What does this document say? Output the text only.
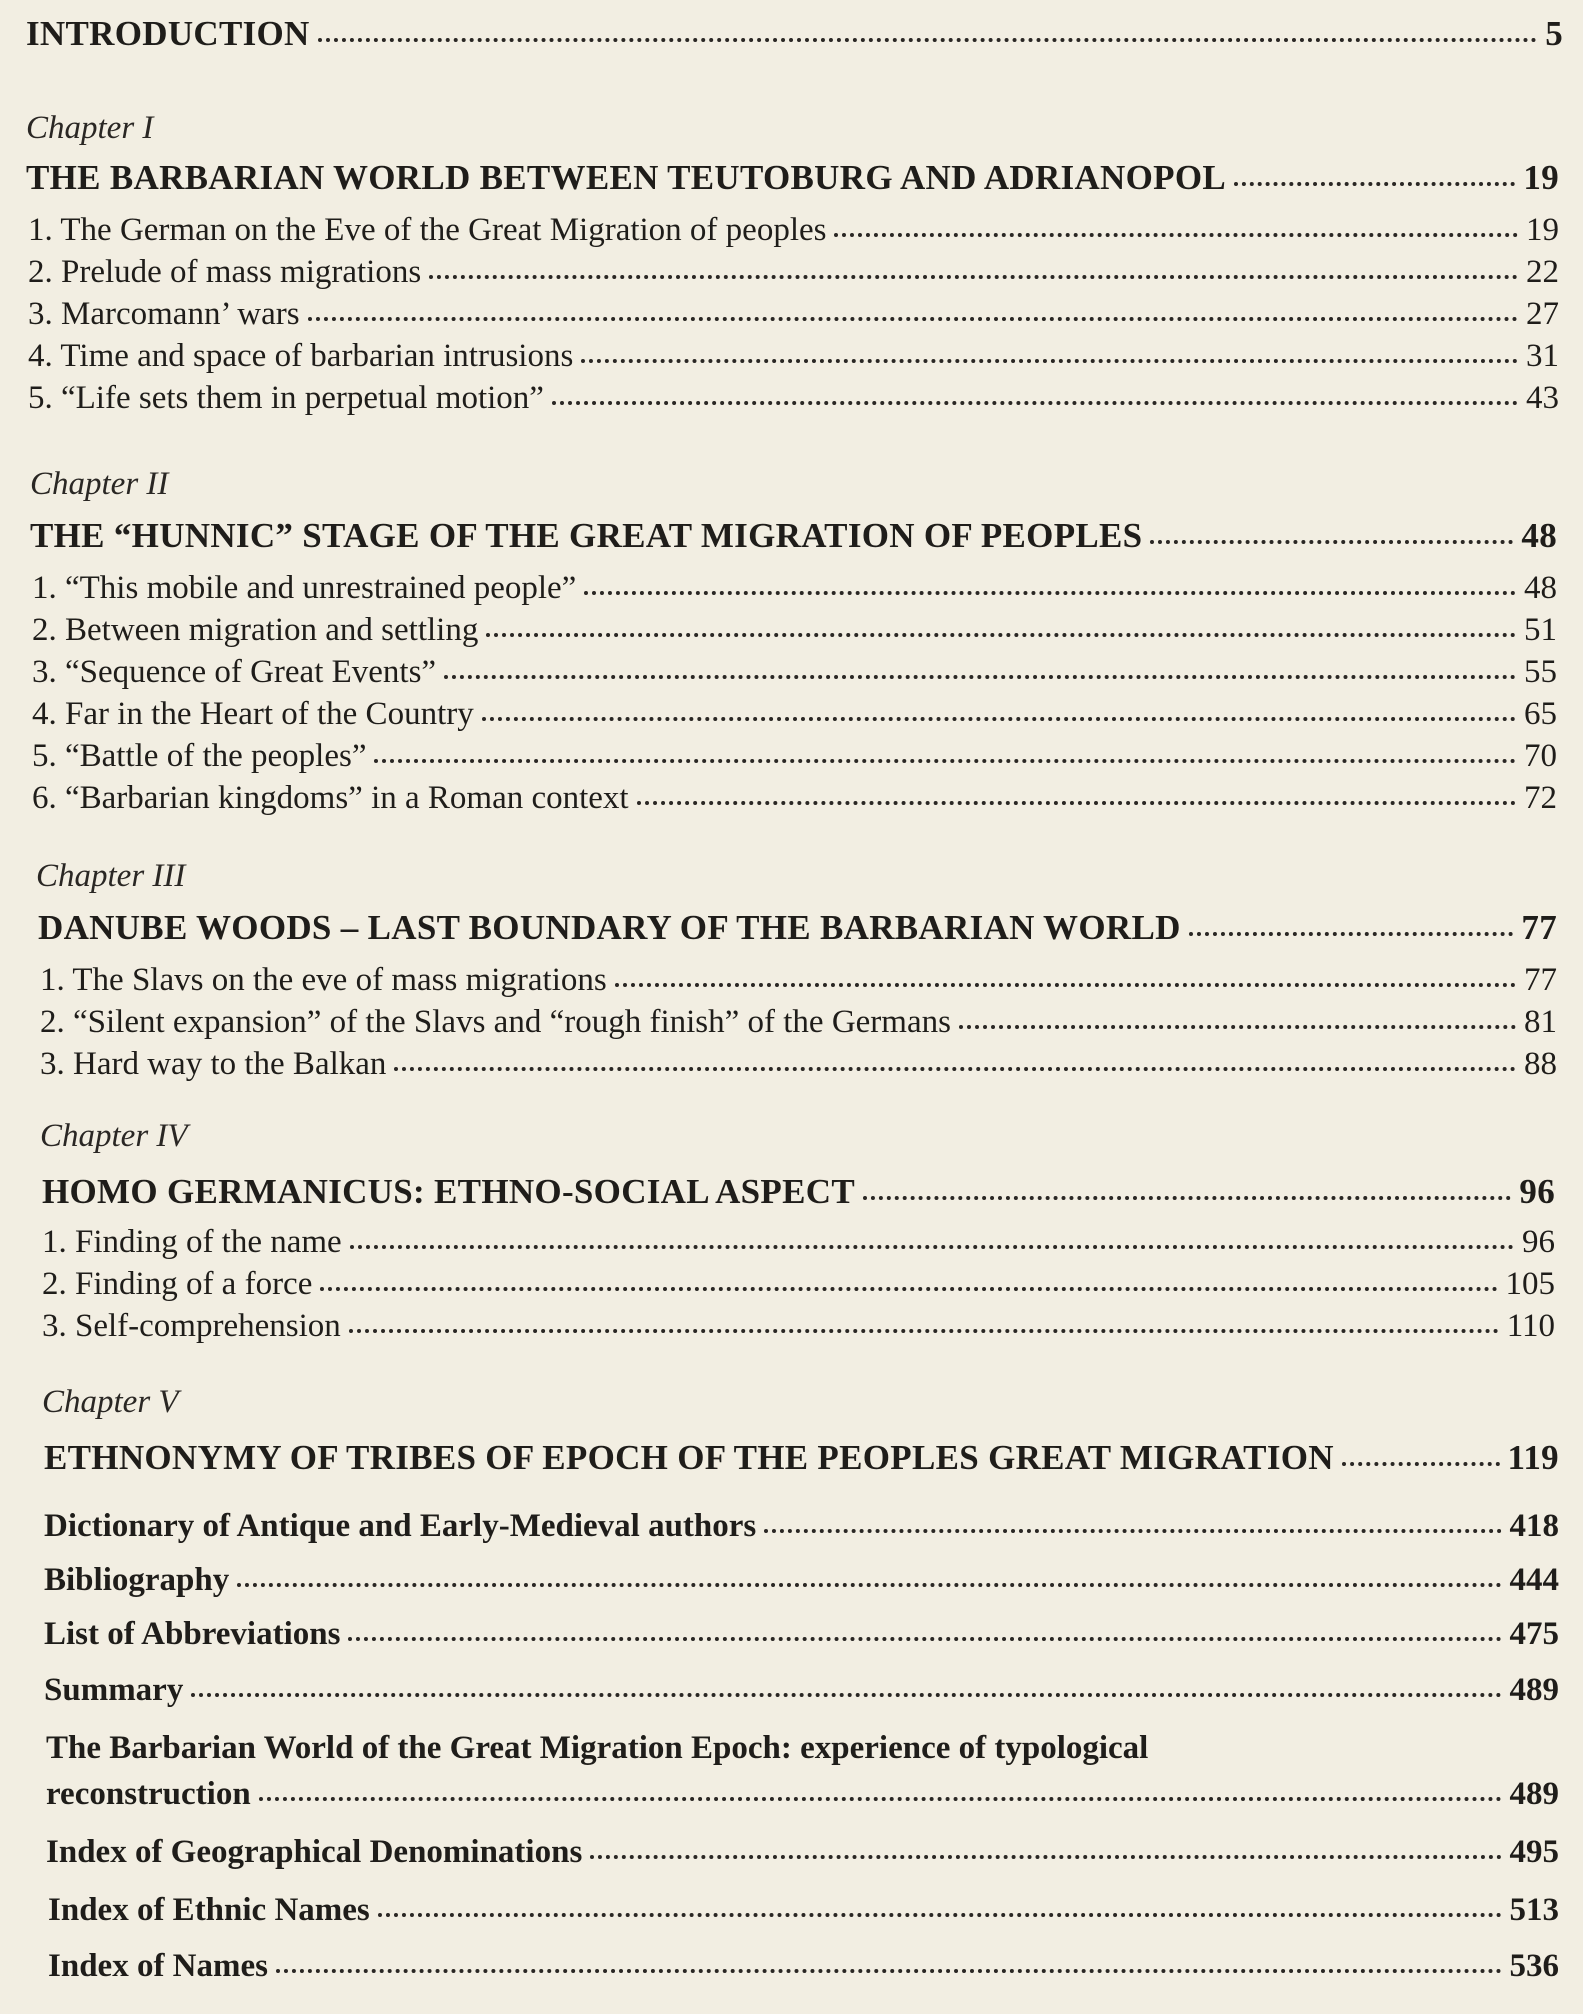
INTRODUCTION	5
Chapter I
THE BARBARIAN WORLD BETWEEN TEUTOBURG AND ADRIANOPOL	19
1. The German on the Eve of the Great Migration of peoples	19
2. Prelude of mass migrations	22
3. Marcomann’ wars	27
4. Time and space of barbarian intrusions	31
5. “Life sets them in perpetual motion”	43
Chapter II
THE “HUNNIC” STAGE OF THE GREAT MIGRATION OF PEOPLES	48
1. “This mobile and unrestrained people”	48
2. Between migration and settling	51
3. “Sequence of Great Events”	55
4. Far in the Heart of the Country	65
5. “Battle of the peoples”	70
6. “Barbarian kingdoms” in a Roman context	72
Chapter III
DANUBE WOODS – LAST BOUNDARY OF THE BARBARIAN WORLD	77
1. The Slavs on the eve of mass migrations	77
2. “Silent expansion” of the Slavs and “rough finish” of the Germans	81
3. Hard way to the Balkan	88
Chapter IV
HOMO GERMANICUS: ETHNO-SOCIAL ASPECT	96
1. Finding of the name	96
2. Finding of a force	105
3. Self-comprehension	110
Chapter V
ETHNONYMY OF TRIBES OF EPOCH OF THE PEOPLES GREAT MIGRATION	119
Dictionary of Antique and Early-Medieval authors	418
Bibliography	444
List of Abbreviations	475
Summary	489
The Barbarian World of the Great Migration Epoch: experience of typological
reconstruction	489
Index of Geographical Denominations	495
Index of Ethnic Names	513
Index of Names	536
